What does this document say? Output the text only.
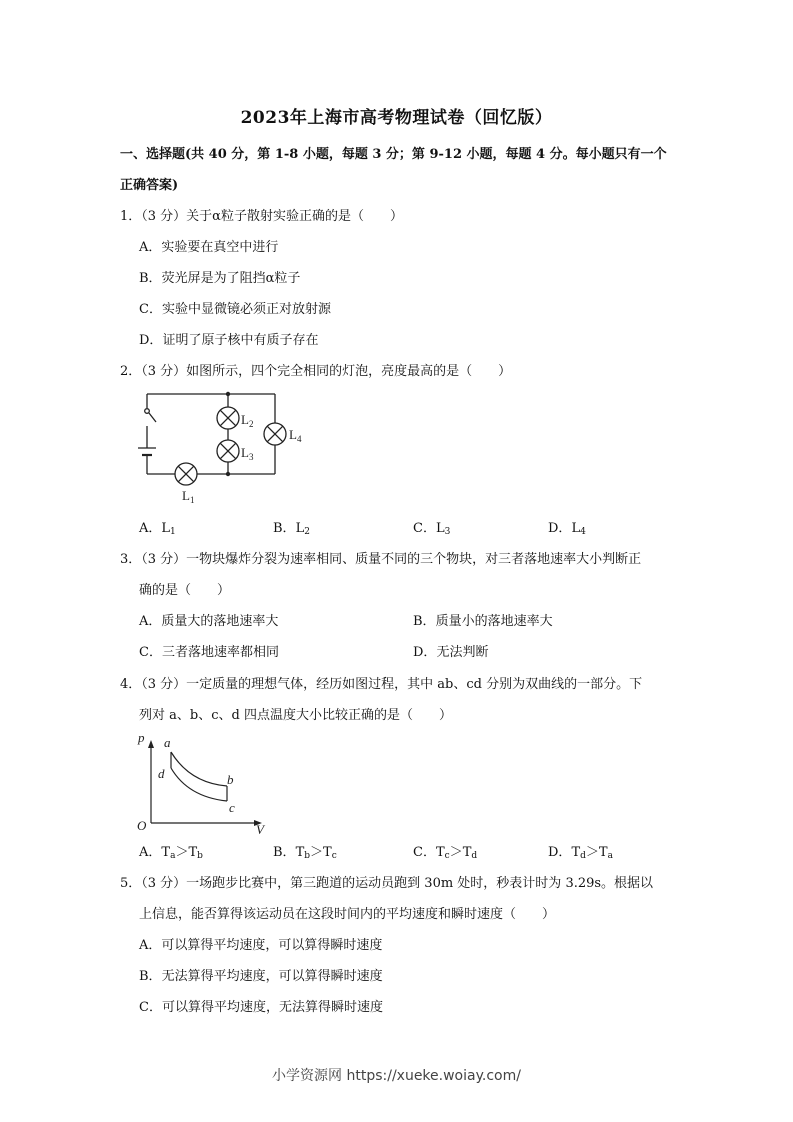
2023年上海市高考物理试卷（回忆版）
一、选择题(共 40 分，第 1-8 小题，每题 3 分；第 9-12 小题，每题 4 分。每小题只有一个
正确答案)
1．（3 分）关于α粒子散射实验正确的是（　　）
A．实验要在真空中进行
B．荧光屏是为了阻挡α粒子
C．实验中显微镜必须正对放射源
D．证明了原子核中有质子存在
2．（3 分）如图所示，四个完全相同的灯泡，亮度最高的是（　　）
$L_2$
$L_3$
$L_4$
$L_1$
A．$L_1$	B．$L_2$	C．$L_3$	D．$L_4$
3．（3 分）一物块爆炸分裂为速率相同、质量不同的三个物块，对三者落地速率大小判断正
确的是（　　）
A．质量大的落地速率大	B．质量小的落地速率大
C．三者落地速率都相同	D．无法判断
4．（3 分）一定质量的理想气体，经历如图过程，其中 ab、cd 分别为双曲线的一部分。下
列对 a、b、c、d 四点温度大小比较正确的是（　　）
p a
b
c
d
O	V
A．$T_a>T_b$	B．$T_b>T_c$	C．$T_c>T_d$	D．$T_d>T_a$
5．（3 分）一场跑步比赛中，第三跑道的运动员跑到 30m 处时，秒表计时为 3.29s。根据以
上信息，能否算得该运动员在这段时间内的平均速度和瞬时速度（　　）
A．可以算得平均速度，可以算得瞬时速度
B．无法算得平均速度，可以算得瞬时速度
C．可以算得平均速度，无法算得瞬时速度
小学资源网 https://xueke.woiay.com/
